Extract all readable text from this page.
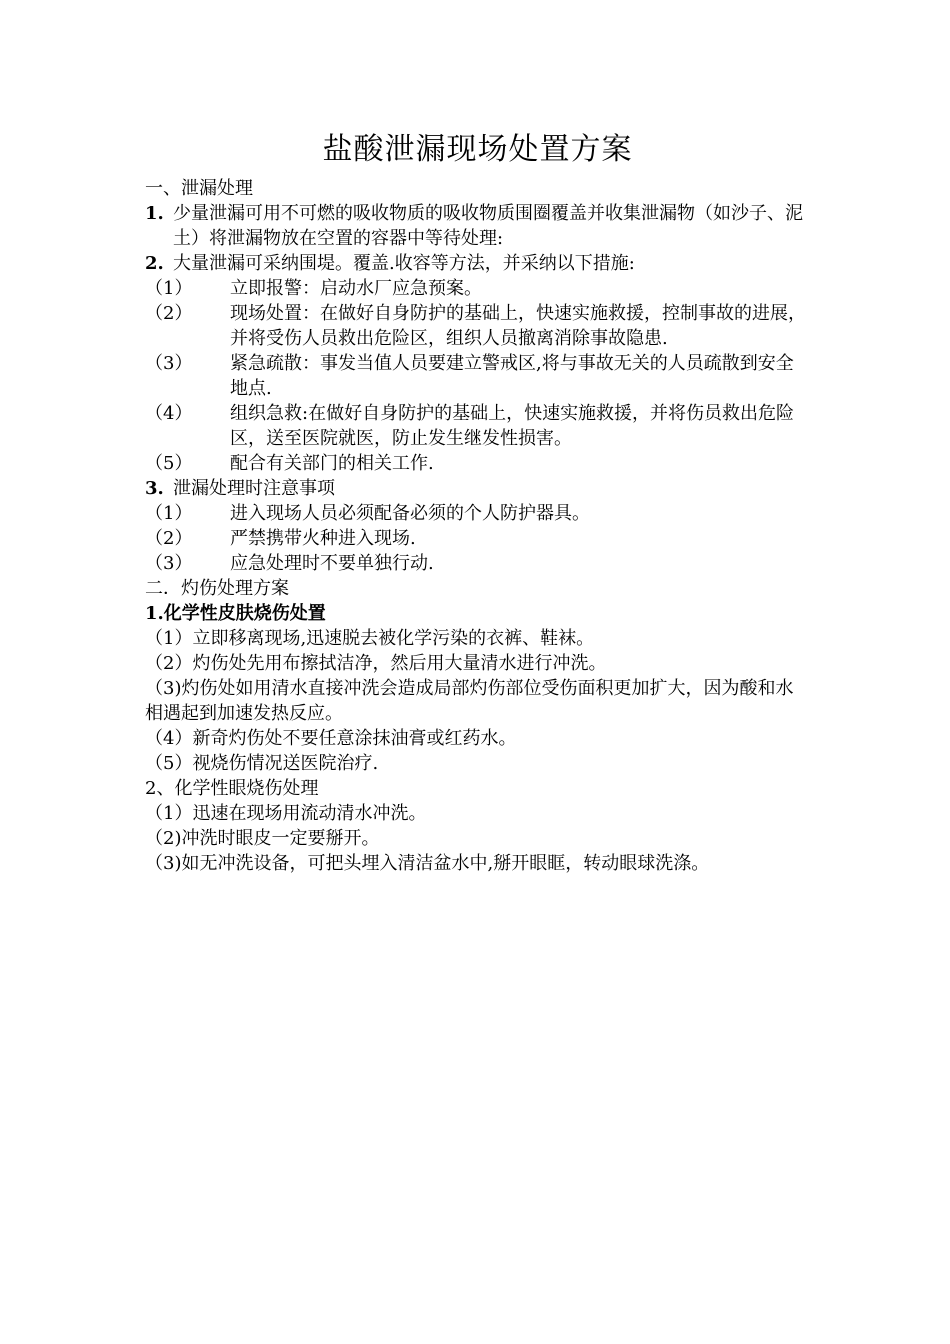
盐酸泄漏现场处置方案

一、泄漏处理

1. 少量泄漏可用不可燃的吸收物质的吸收物质围圈覆盖并收集泄漏物（如沙子、泥土）将泄漏物放在空置的容器中等待处理:
2. 大量泄漏可采纳围堤。覆盖.收容等方法，并采纳以下措施:
（1）	立即报警：启动水厂应急预案。
（2）	现场处置：在做好自身防护的基础上，快速实施救援，控制事故的进展，并将受伤人员救出危险区，组织人员撤离消除事故隐患.
（3）	紧急疏散：事发当值人员要建立警戒区,将与事故无关的人员疏散到安全地点.
（4）	组织急救:在做好自身防护的基础上，快速实施救援，并将伤员救出危险区，送至医院就医，防止发生继发性损害。
（5）	配合有关部门的相关工作.
3. 泄漏处理时注意事项
（1）	进入现场人员必须配备必须的个人防护器具。
（2）	严禁携带火种进入现场.
（3）	应急处理时不要单独行动.

二．灼伤处理方案

1.化学性皮肤烧伤处置

（1）立即移离现场,迅速脱去被化学污染的衣裤、鞋袜。

（2）灼伤处先用布擦拭洁净，然后用大量清水进行冲洗。

（3)灼伤处如用清水直接冲洗会造成局部灼伤部位受伤面积更加扩大，因为酸和水相遇起到加速发热反应。

（4）新奇灼伤处不要任意涂抹油膏或红药水。

（5）视烧伤情况送医院治疗.

2、化学性眼烧伤处理

（1）迅速在现场用流动清水冲洗。

（2)冲洗时眼皮一定要掰开。

（3)如无冲洗设备，可把头埋入清洁盆水中,掰开眼眶，转动眼球洗涤。
